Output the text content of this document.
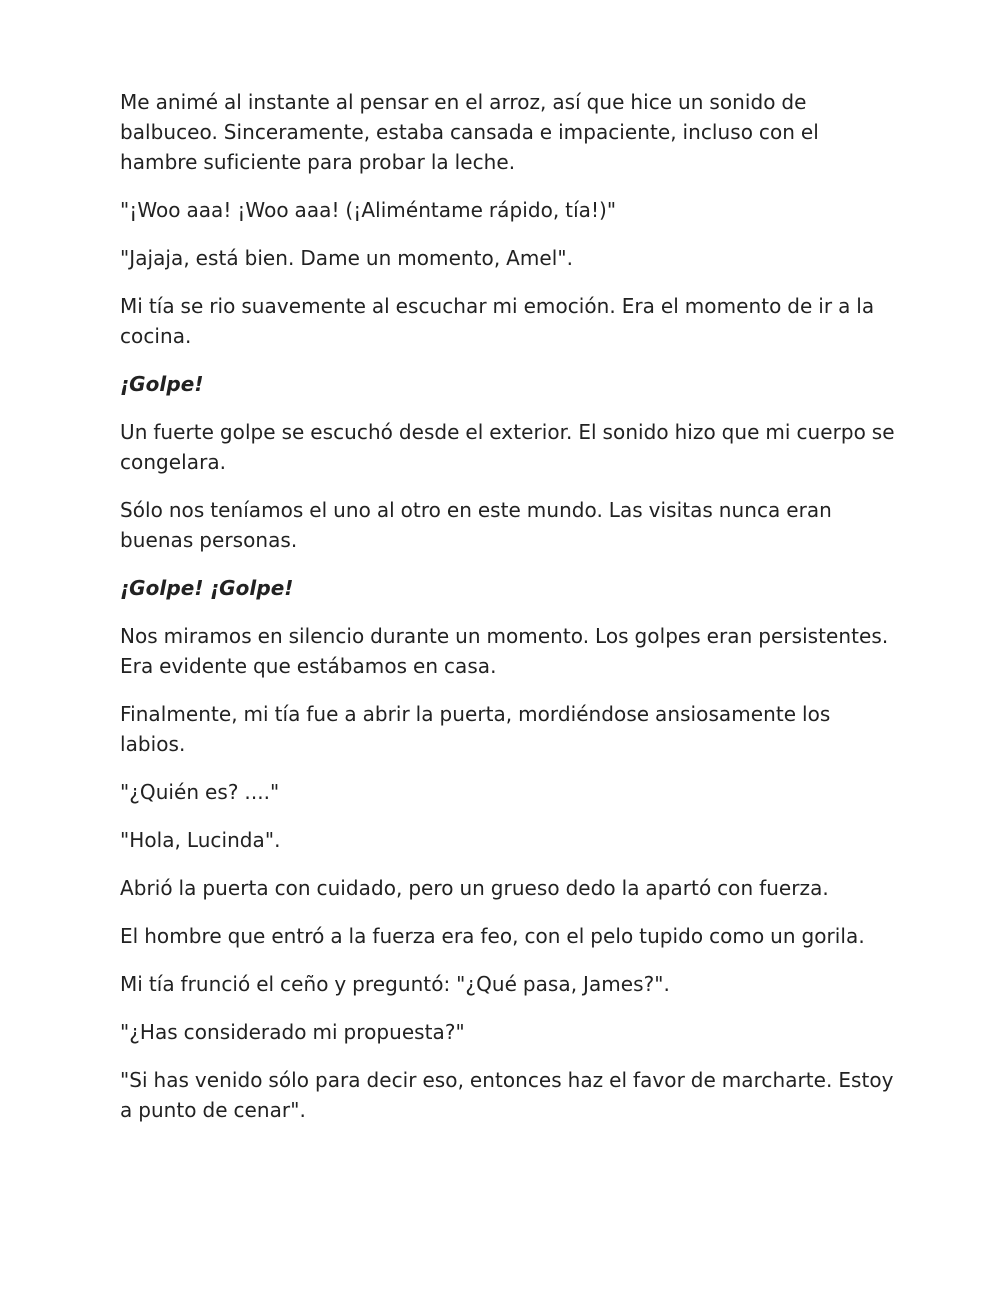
Me animé al instante al pensar en el arroz, así que hice un sonido de balbuceo. Sinceramente, estaba cansada e impaciente, incluso con el hambre suficiente para probar la leche.

"¡Woo aaa! ¡Woo aaa! (¡Aliméntame rápido, tía!)"

"Jajaja, está bien. Dame un momento, Amel".

Mi tía se rio suavemente al escuchar mi emoción. Era el momento de ir a la cocina.

¡Golpe!

Un fuerte golpe se escuchó desde el exterior. El sonido hizo que mi cuerpo se congelara.

Sólo nos teníamos el uno al otro en este mundo. Las visitas nunca eran buenas personas.

¡Golpe! ¡Golpe!

Nos miramos en silencio durante un momento. Los golpes eran persistentes. Era evidente que estábamos en casa.

Finalmente, mi tía fue a abrir la puerta, mordiéndose ansiosamente los labios.

"¿Quién es? ...."

"Hola, Lucinda".

Abrió la puerta con cuidado, pero un grueso dedo la apartó con fuerza.

El hombre que entró a la fuerza era feo, con el pelo tupido como un gorila.

Mi tía frunció el ceño y preguntó: "¿Qué pasa, James?".

"¿Has considerado mi propuesta?"

"Si has venido sólo para decir eso, entonces haz el favor de marcharte. Estoy a punto de cenar".
